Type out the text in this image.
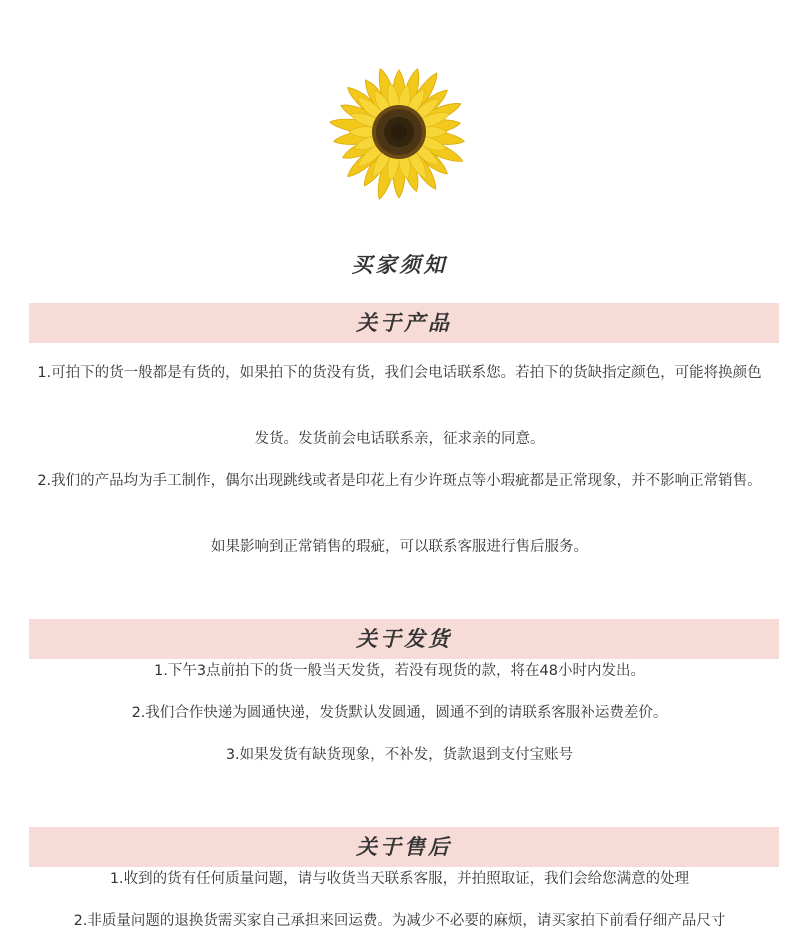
买家须知
关于产品
1.可拍下的货一般都是有货的，如果拍下的货没有货，我们会电话联系您。若拍下的货缺指定颜色，可能将换颜色
发货。发货前会电话联系亲，征求亲的同意。
2.我们的产品均为手工制作，偶尔出现跳线或者是印花上有少许斑点等小瑕疵都是正常现象，并不影响正常销售。
如果影响到正常销售的瑕疵，可以联系客服进行售后服务。
关于发货
1.下午3点前拍下的货一般当天发货，若没有现货的款，将在48小时内发出。
2.我们合作快递为圆通快递，发货默认发圆通，圆通不到的请联系客服补运费差价。
3.如果发货有缺货现象，不补发，货款退到支付宝账号
关于售后
1.收到的货有任何质量问题，请与收货当天联系客服，并拍照取证，我们会给您满意的处理
2.非质量问题的退换货需买家自己承担来回运费。为减少不必要的麻烦，请买家拍下前看仔细产品尺寸
